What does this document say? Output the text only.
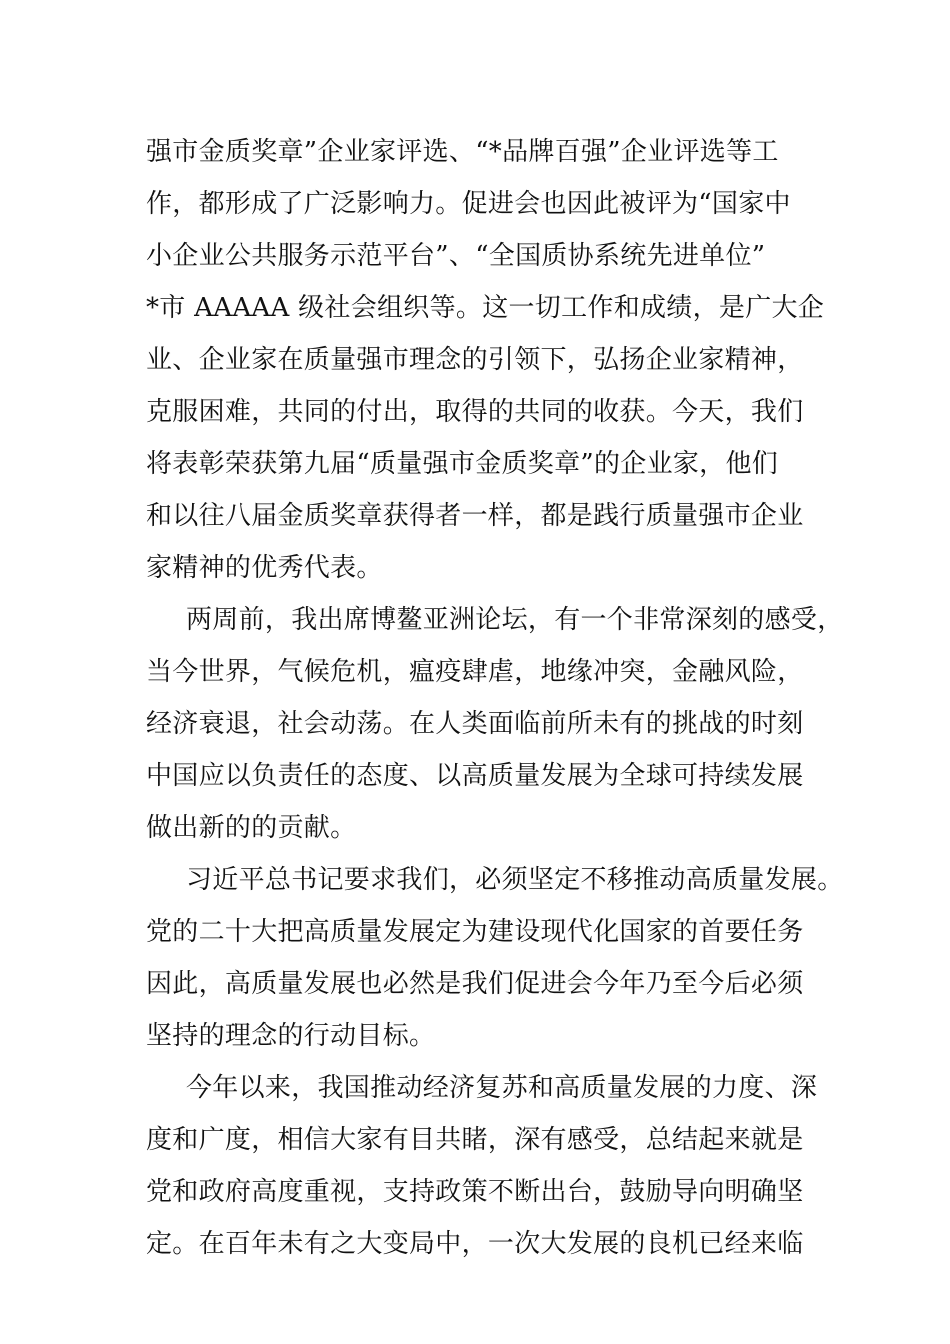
强市金质奖章”企业家评选、“*品牌百强”企业评选等工
作，都形成了广泛影响力。促进会也因此被评为“国家中
小企业公共服务示范平台”、“全国质协系统先进单位”
*市 AAAAA 级社会组织等。这一切工作和成绩，是广大企
业、企业家在质量强市理念的引领下，弘扬企业家精神，
克服困难，共同的付出，取得的共同的收获。今天，我们
将表彰荣获第九届“质量强市金质奖章”的企业家，他们
和以往八届金质奖章获得者一样，都是践行质量强市企业
家精神的优秀代表。
两周前，我出席博鳌亚洲论坛，有一个非常深刻的感受，
当今世界，气候危机，瘟疫肆虐，地缘冲突，金融风险，
经济衰退，社会动荡。在人类面临前所未有的挑战的时刻
中国应以负责任的态度、以高质量发展为全球可持续发展
做出新的的贡献。
习近平总书记要求我们，必须坚定不移推动高质量发展。
党的二十大把高质量发展定为建设现代化国家的首要任务
因此，高质量发展也必然是我们促进会今年乃至今后必须
坚持的理念的行动目标。
今年以来，我国推动经济复苏和高质量发展的力度、深
度和广度，相信大家有目共睹，深有感受，总结起来就是
党和政府高度重视，支持政策不断出台，鼓励导向明确坚
定。在百年未有之大变局中，一次大发展的良机已经来临
